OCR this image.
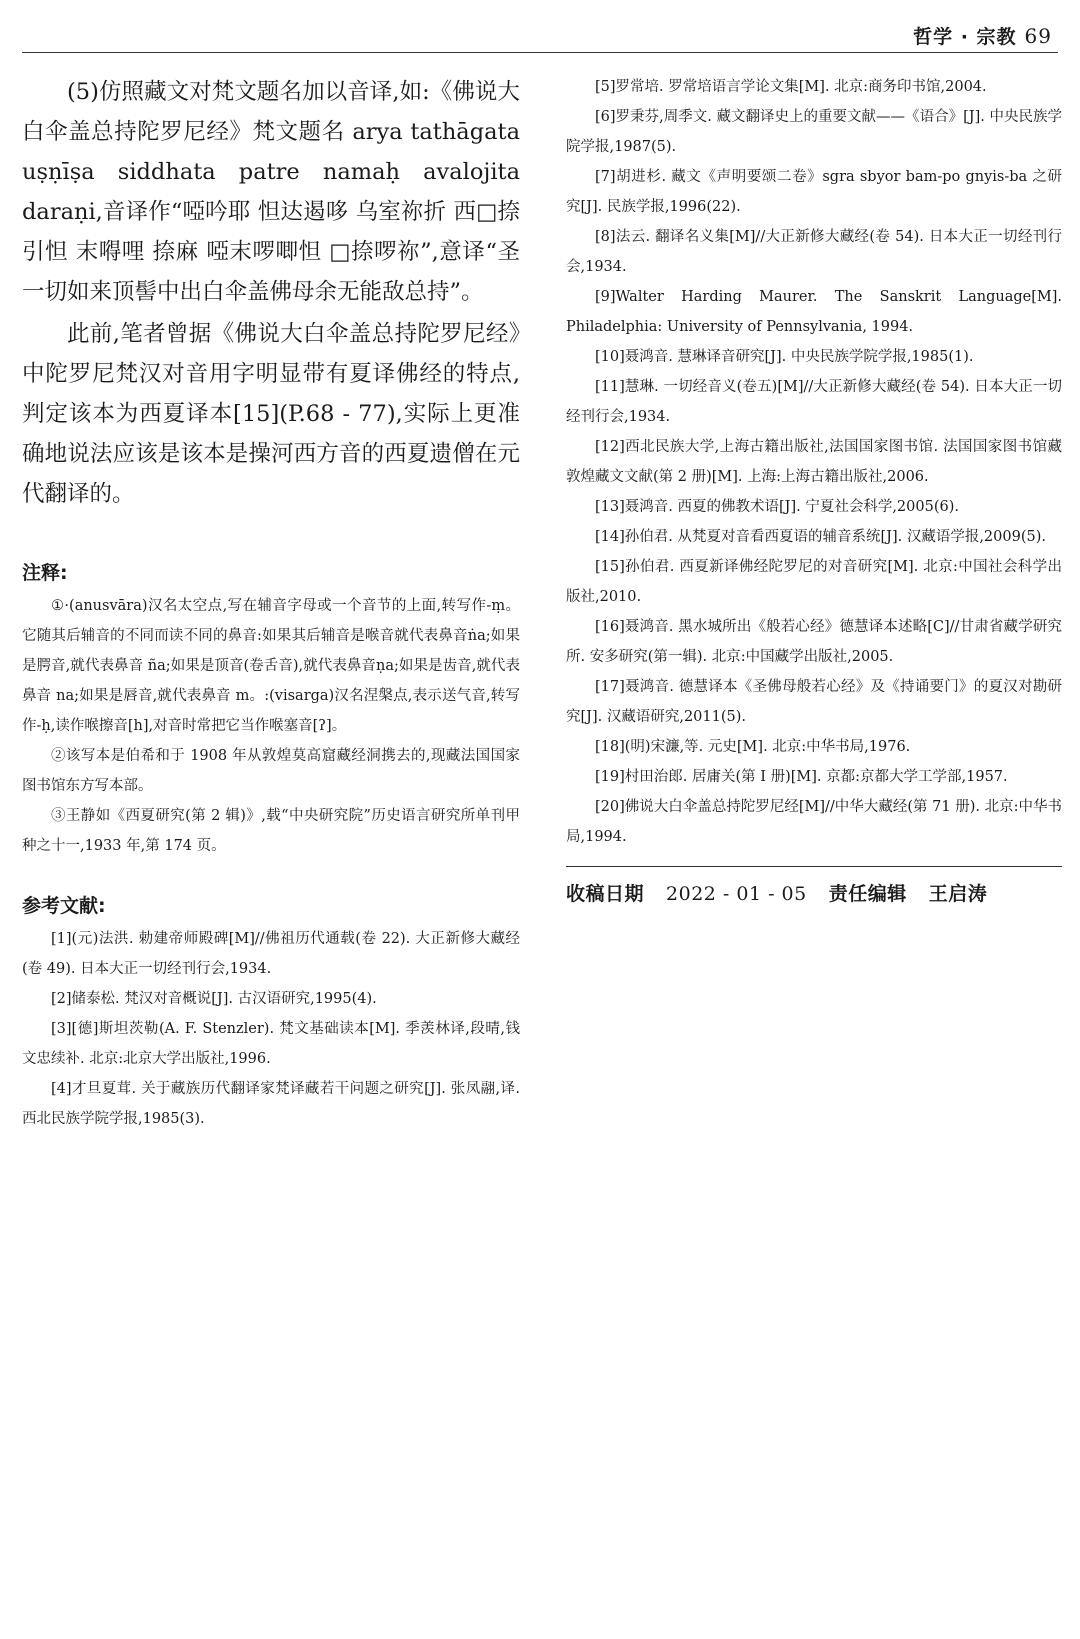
哲学 · 宗教 69

(5)仿照藏文对梵文题名加以音译,如:《佛说大白伞盖总持陀罗尼经》梵文题名 arya tathāgata uṣṇīṣa siddhata patre namaḥ avalojita daraṇi,音译作“啞吟耶 怛达遏哆 乌室祢折 西□捺引怛 末嘚哩 捺麻 啞末啰唧怛 □捺啰祢”,意译“圣一切如来顶髻中出白伞盖佛母余无能敌总持”。

此前,笔者曾据《佛说大白伞盖总持陀罗尼经》中陀罗尼梵汉对音用字明显带有夏译佛经的特点,判定该本为西夏译本[15](P.68 - 77),实际上更准确地说法应该是该本是操河西方音的西夏遗僧在元代翻译的。

注释:

①·(anusvāra)汉名太空点,写在辅音字母或一个音节的上面,转写作-ṃ。它随其后辅音的不同而读不同的鼻音:如果其后辅音是喉音就代表鼻音ṅa;如果是腭音,就代表鼻音 ña;如果是顶音(卷舌音),就代表鼻音ṇa;如果是齿音,就代表鼻音 na;如果是唇音,就代表鼻音 m。:(visarga)汉名涅槃点,表示送气音,转写作-ḥ,读作喉擦音[h],对音时常把它当作喉塞音[ʔ]。

②该写本是伯希和于 1908 年从敦煌莫高窟藏经洞携去的,现藏法国国家图书馆东方写本部。

③王静如《西夏研究(第 2 辑)》,载“中央研究院”历史语言研究所单刊甲种之十一,1933 年,第 174 页。

参考文献:

[1](元)法洪. 勅建帝师殿碑[M]//佛祖历代通载(卷 22). 大正新修大藏经(卷 49). 日本大正一切经刊行会,1934.

[2]储泰松. 梵汉对音概说[J]. 古汉语研究,1995(4).

[3][德]斯坦茨勒(A. F. Stenzler). 梵文基础读本[M]. 季羡林译,段晴,钱文忠续补. 北京:北京大学出版社,1996.

[4]才旦夏茸. 关于藏族历代翻译家梵译藏若干问题之研究[J]. 张凤翮,译. 西北民族学院学报,1985(3).

[5]罗常培. 罗常培语言学论文集[M]. 北京:商务印书馆,2004.

[6]罗秉芬,周季文. 藏文翻译史上的重要文献——《语合》[J]. 中央民族学院学报,1987(5).

[7]胡进杉. 藏文《声明要颂二卷》sgra sbyor bam-po gnyis-ba 之研究[J]. 民族学报,1996(22).

[8]法云. 翻译名义集[M]//大正新修大藏经(卷 54). 日本大正一切经刊行会,1934.

[9]Walter Harding Maurer. The Sanskrit Language[M]. Philadelphia: University of Pennsylvania, 1994.

[10]聂鸿音. 慧琳译音研究[J]. 中央民族学院学报,1985(1).

[11]慧琳. 一切经音义(卷五)[M]//大正新修大藏经(卷 54). 日本大正一切经刊行会,1934.

[12]西北民族大学,上海古籍出版社,法国国家图书馆. 法国国家图书馆藏敦煌藏文文献(第 2 册)[M]. 上海:上海古籍出版社,2006.

[13]聂鸿音. 西夏的佛教术语[J]. 宁夏社会科学,2005(6).

[14]孙伯君. 从梵夏对音看西夏语的辅音系统[J]. 汉藏语学报,2009(5).

[15]孙伯君. 西夏新译佛经陀罗尼的对音研究[M]. 北京:中国社会科学出版社,2010.

[16]聂鸿音. 黑水城所出《般若心经》德慧译本述略[C]//甘肃省藏学研究所. 安多研究(第一辑). 北京:中国藏学出版社,2005.

[17]聂鸿音. 德慧译本《圣佛母般若心经》及《持诵要门》的夏汉对勘研究[J]. 汉藏语研究,2011(5).

[18](明)宋濂,等. 元史[M]. 北京:中华书局,1976.

[19]村田治郎. 居庸关(第 I 册)[M]. 京都:京都大学工学部,1957.

[20]佛说大白伞盖总持陀罗尼经[M]//中华大藏经(第 71 册). 北京:中华书局,1994.

收稿日期 2022 - 01 - 05 责任编辑 王启涛
